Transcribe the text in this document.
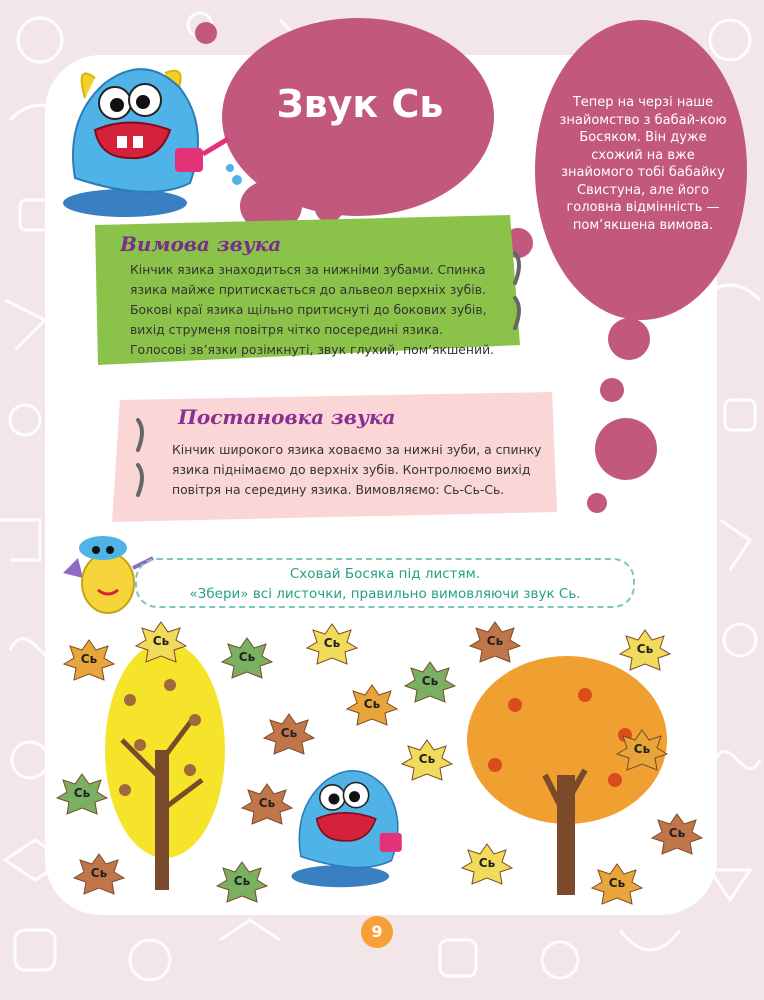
Звук Сь	Тепер на черзі наше знайомство з бабай-кою Босяком. Він дуже схожий на вже знайомого тобі бабайку Свистуна, але його головна відмінність — пом’якшена вимова.
Вимова звука
Кінчик язика знаходиться за нижніми зубами. Спинка язика майже притискається до альвеол верхніх зубів. Бокові краї язика щільно притиснуті до бокових зубів, вихід струменя повітря чітко посередині язика. Голосові зв’язки розімкнуті, звук глухий, пом’якшений.
Постановка звука
Кінчик широкого язика ховаємо за нижні зуби, а спинку язика піднімаємо до верхніх зубів. Контролюємо вихід повітря на середину язика. Вимовляємо: Сь-Сь-Сь.
Сховай Босяка під листям.
«Збери» всі листочки, правильно вимовляючи звук Сь.
Сь	Сь
Сь	Сь
Сь
Сь
Сь
Сь
Сь
Сь
Сь
Сь
Сь
Сь
Сь
Сь
Сь
Сь
9
